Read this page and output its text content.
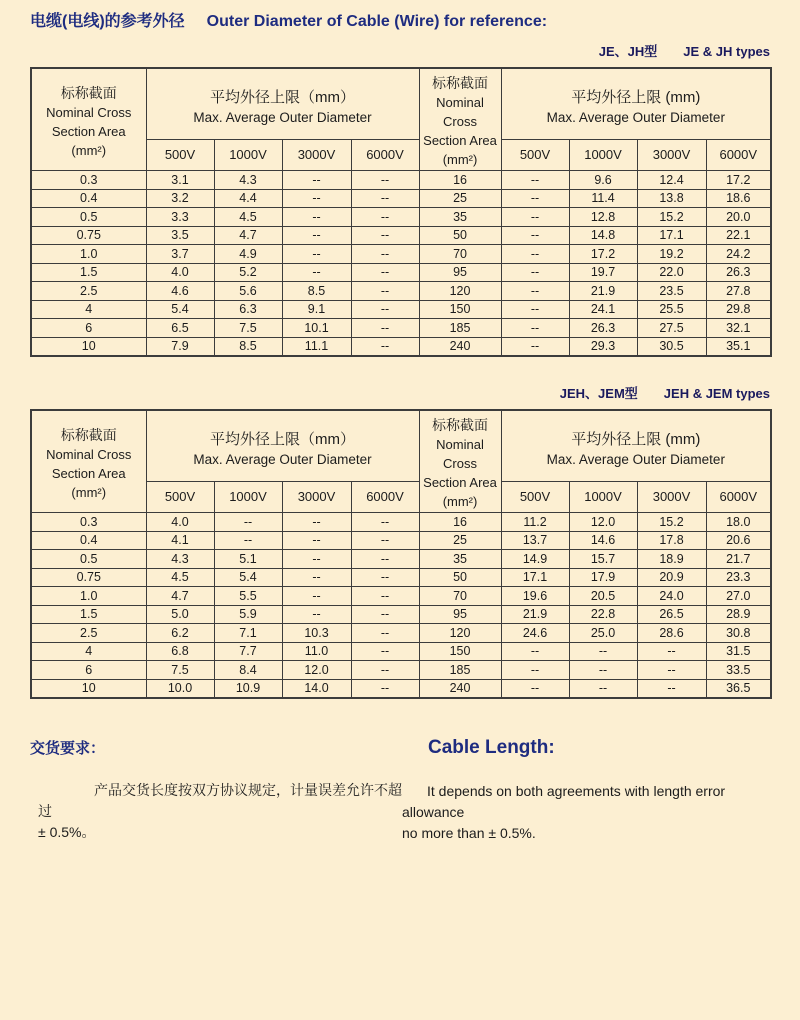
电缆(电线)的参考外径 Outer Diameter of Cable (Wire) for reference:
JE、JH型 JE & JH types
标称截面
Nominal Cross
Section Area
(mm²)

平均外径上限（mm）
Max. Average Outer Diameter

标称截面
Nominal Cross
Section Area
(mm²)

平均外径上限 (mm)
Max. Average Outer Diameter

	500V	1000V	3000V	6000V		500V	1000V	3000V	6000V
0.3	3.1	4.3	--	--	16	--	9.6	12.4	17.2
0.4	3.2	4.4	--	--	25	--	11.4	13.8	18.6
0.5	3.3	4.5	--	--	35	--	12.8	15.2	20.0
0.75	3.5	4.7	--	--	50	--	14.8	17.1	22.1
1.0	3.7	4.9	--	--	70	--	17.2	19.2	24.2
1.5	4.0	5.2	--	--	95	--	19.7	22.0	26.3
2.5	4.6	5.6	8.5	--	120	--	21.9	23.5	27.8
4	5.4	6.3	9.1	--	150	--	24.1	25.5	29.8
6	6.5	7.5	10.1	--	185	--	26.3	27.5	32.1
10	7.9	8.5	11.1	--	240	--	29.3	30.5	35.1
JEH、JEM型 JEH & JEM types
标称截面
Nominal Cross
Section Area
(mm²)

平均外径上限（mm）
Max. Average Outer Diameter

标称截面
Nominal Cross
Section Area
(mm²)

平均外径上限 (mm)
Max. Average Outer Diameter

	500V	1000V	3000V	6000V		500V	1000V	3000V	6000V
0.3	4.0	--	--	--	16	11.2	12.0	15.2	18.0
0.4	4.1	--	--	--	25	13.7	14.6	17.8	20.6
0.5	4.3	5.1	--	--	35	14.9	15.7	18.9	21.7
0.75	4.5	5.4	--	--	50	17.1	17.9	20.9	23.3
1.0	4.7	5.5	--	--	70	19.6	20.5	24.0	27.0
1.5	5.0	5.9	--	--	95	21.9	22.8	26.5	28.9
2.5	6.2	7.1	10.3	--	120	24.6	25.0	28.6	30.8
4	6.8	7.7	11.0	--	150	--	--	--	31.5
6	7.5	8.4	12.0	--	185	--	--	--	33.5
10	10.0	10.9	14.0	--	240	--	--	--	36.5
交货要求：
产品交货长度按双方协议规定，计量误差允许不超过
± 0.5%。
Cable Length:
It depends on both agreements with length error allowance
no more than ± 0.5%.
